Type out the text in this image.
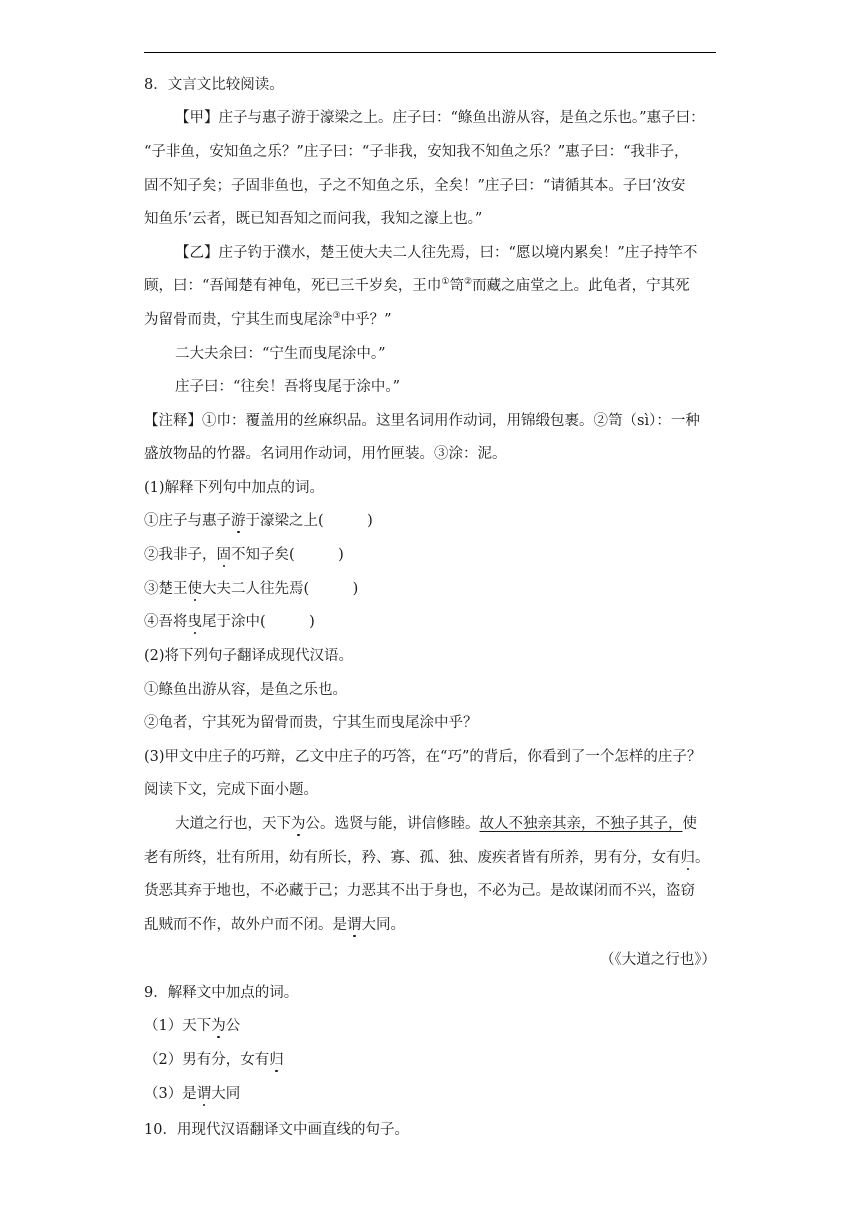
8．文言文比较阅读。
【甲】庄子与惠子游于濠梁之上。庄子曰：“鲦鱼出游从容，是鱼之乐也。”惠子曰：
“子非鱼，安知鱼之乐？”庄子曰：“子非我，安知我不知鱼之乐？”惠子曰：“我非子，
固不知子矣；子固非鱼也，子之不知鱼之乐，全矣！”庄子曰：“请循其本。子曰‘汝安
知鱼乐’云者，既已知吾知之而问我，我知之濠上也。”
【乙】庄子钓于濮水，楚王使大夫二人往先焉，曰：“愿以境内累矣！”庄子持竿不
顾，曰：“吾闻楚有神龟，死已三千岁矣，王巾①笥②而藏之庙堂之上。此龟者，宁其死
为留骨而贵，宁其生而曳尾涂③中乎？”
二大夫余曰：“宁生而曳尾涂中。”
庄子曰：“往矣！吾将曳尾于涂中。”
【注释】①巾：覆盖用的丝麻织品。这里名词用作动词，用锦缎包裹。②笥（sì）：一种
盛放物品的竹器。名词用作动词，用竹匣装。③涂：泥。
(1)解释下列句中加点的词。
①庄子与惠子游于濠梁之上(　　　)
②我非子，固不知子矣(　　　)
③楚王使大夫二人往先焉(　　　)
④吾将曳尾于涂中(　　　)
(2)将下列句子翻译成现代汉语。
①鲦鱼出游从容，是鱼之乐也。
②龟者，宁其死为留骨而贵，宁其生而曳尾涂中乎？
(3)甲文中庄子的巧辩，乙文中庄子的巧答，在“巧”的背后，你看到了一个怎样的庄子？
阅读下文，完成下面小题。
大道之行也，天下为公。选贤与能，讲信修睦。故人不独亲其亲，不独子其子，使
老有所终，壮有所用，幼有所长，矜、寡、孤、独、废疾者皆有所养，男有分，女有归。
货恶其弃于地也，不必藏于己；力恶其不出于身也，不必为己。是故谋闭而不兴，盗窃
乱贼而不作，故外户而不闭。是谓大同。
（《大道之行也》）
9．解释文中加点的词。
（1）天下为公
（2）男有分，女有归
（3）是谓大同
10．用现代汉语翻译文中画直线的句子。
